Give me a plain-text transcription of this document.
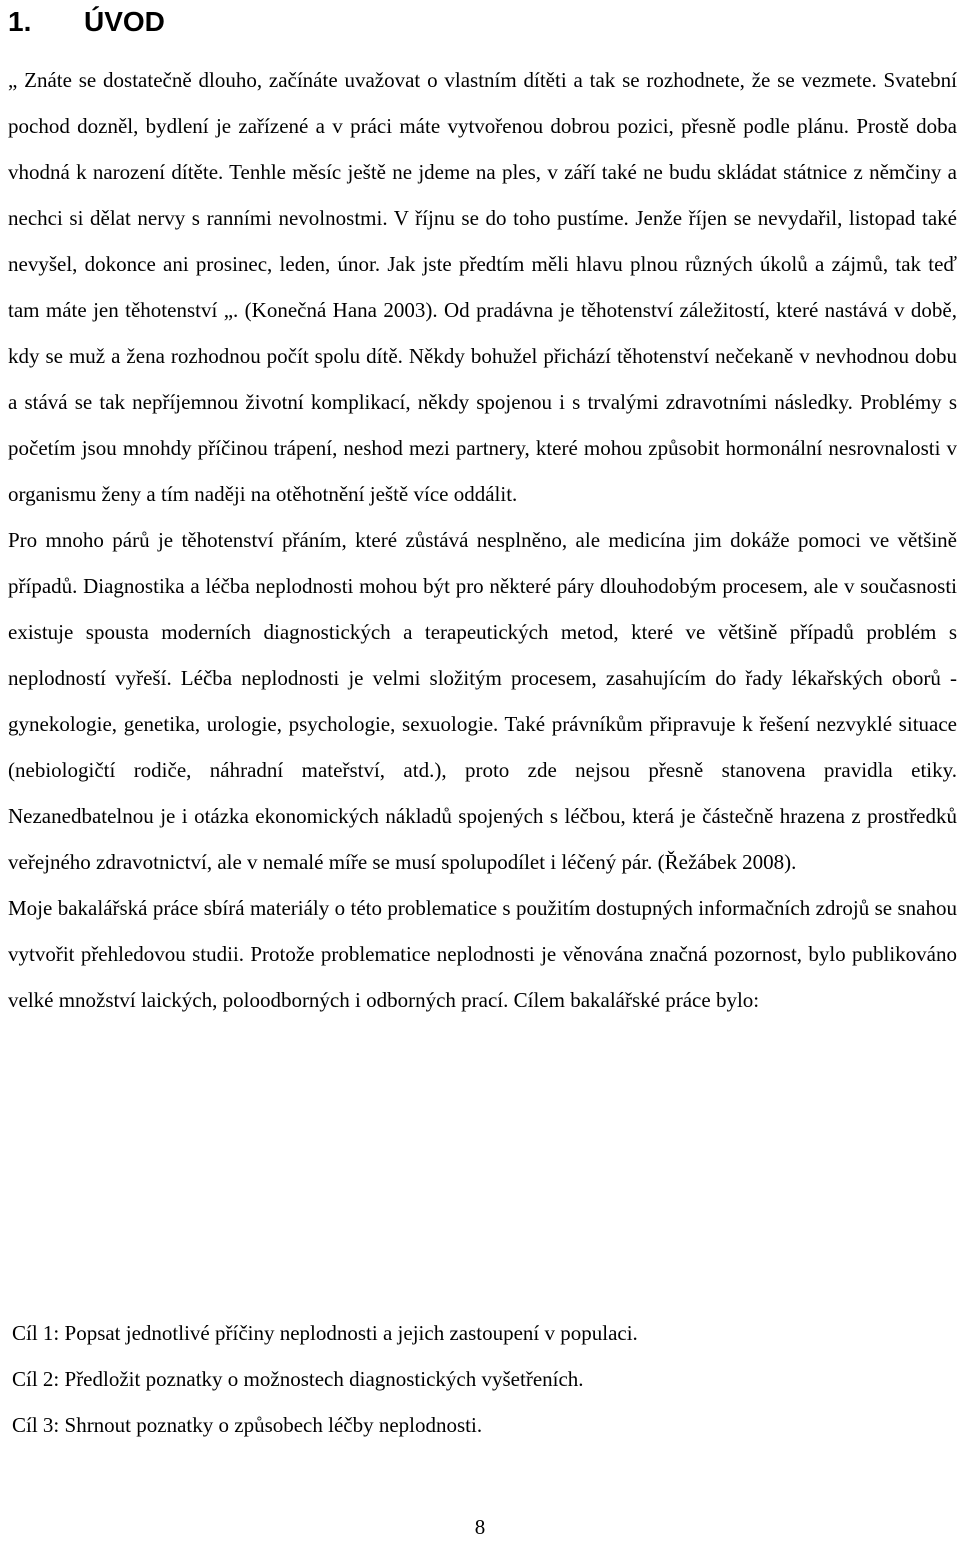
1. ÚVOD

„ Znáte se dostatečně dlouho, začínáte uvažovat o vlastním dítěti a tak se rozhodnete, že se vezmete. Svatební pochod dozněl, bydlení je zařízené a v práci máte vytvořenou dobrou pozici, přesně podle plánu. Prostě doba vhodná k narození dítěte. Tenhle měsíc ještě ne jdeme na ples, v září také ne budu skládat státnice z němčiny a nechci si dělat nervy s ranními nevolnostmi. V říjnu se do toho pustíme. Jenže říjen se nevydařil, listopad také nevyšel, dokonce ani prosinec, leden, únor. Jak jste předtím měli hlavu plnou různých úkolů a zájmů, tak teď tam máte jen těhotenství „. (Konečná Hana 2003). Od pradávna je těhotenství záležitostí, které nastává v době, kdy se muž a žena rozhodnou počít spolu dítě. Někdy bohužel přichází těhotenství nečekaně v nevhodnou dobu a stává se tak nepříjemnou životní komplikací, někdy spojenou i s trvalými zdravotními následky. Problémy s početím jsou mnohdy příčinou trápení, neshod mezi partnery, které mohou způsobit hormonální nesrovnalosti v organismu ženy a tím naději na otěhotnění ještě více oddálit.

Pro mnoho párů je těhotenství přáním, které zůstává nesplněno, ale medicína jim dokáže pomoci ve většině případů. Diagnostika a léčba neplodnosti mohou být pro některé páry dlouhodobým procesem, ale v současnosti existuje spousta moderních diagnostických a terapeutických metod, které ve většině případů problém s neplodností vyřeší. Léčba neplodnosti je velmi složitým procesem, zasahujícím do řady lékařských oborů - gynekologie, genetika, urologie, psychologie, sexuologie. Také právníkům připravuje k řešení nezvyklé situace (nebiologičtí rodiče, náhradní mateřství, atd.), proto zde nejsou přesně stanovena pravidla etiky. Nezanedbatelnou je i otázka ekonomických nákladů spojených s léčbou, která je částečně hrazena z prostředků veřejného zdravotnictví, ale v nemalé míře se musí spolupodílet i léčený pár. (Řežábek 2008).

Moje bakalářská práce sbírá materiály o této problematice s použitím dostupných informačních zdrojů se snahou vytvořit přehledovou studii. Protože problematice neplodnosti je věnována značná pozornost, bylo publikováno velké množství laických, poloodborných i odborných prací. Cílem bakalářské práce bylo:

Cíl 1: Popsat jednotlivé příčiny neplodnosti a jejich zastoupení v populaci.
Cíl 2: Předložit poznatky o možnostech diagnostických vyšetřeních.
Cíl 3: Shrnout poznatky o způsobech léčby neplodnosti.
8
